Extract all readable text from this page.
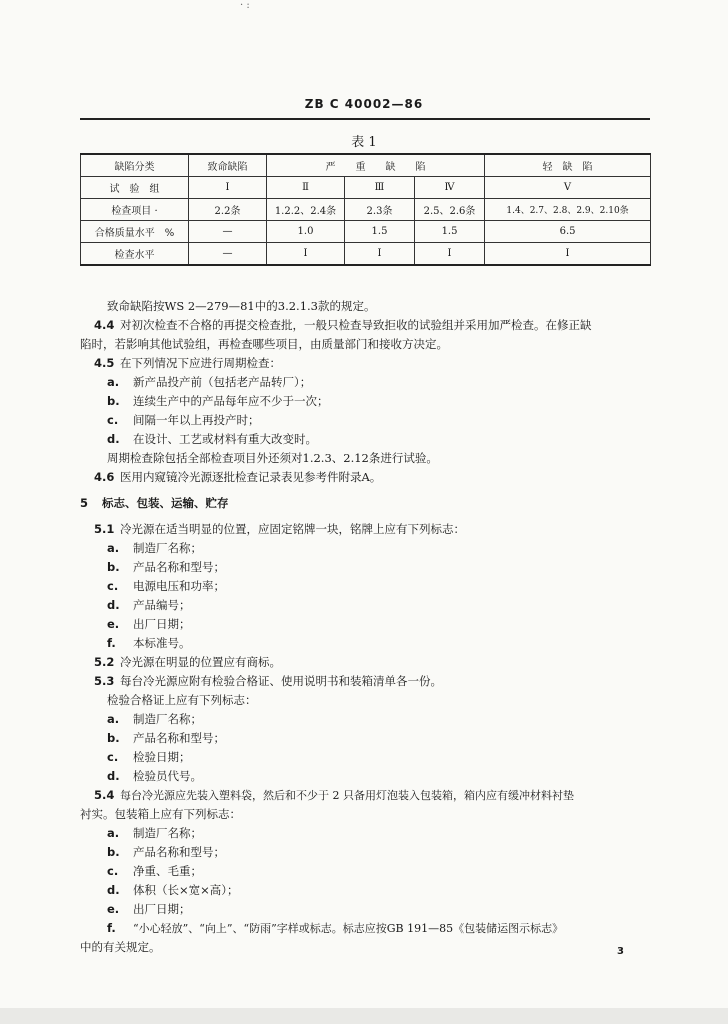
· :
ZB C 40002—86
表 1
缺陷分类	致命缺陷	严　　重　　缺　　陷			轻　缺　陷
试　验　组	Ⅰ	Ⅱ	Ⅲ	Ⅳ	Ⅴ
检查项目 ·	2.2条	1.2.2、2.4条	2.3条	2.5、2.6条	1.4、2.7、2.8、2.9、2.10条
合格质量水平　%	—	1.0	1.5	1.5	6.5
检查水平	—	Ⅰ	Ⅰ	Ⅰ	Ⅰ
致命缺陷按WS 2—279—81中的3.2.1.3款的规定。
4.4 对初次检查不合格的再提交检查批，一般只检查导致拒收的试验组并采用加严检查。在修正缺
陷时，若影响其他试验组，再检查哪些项目，由质量部门和接收方决定。
4.5 在下列情况下应进行周期检查：
a. 新产品投产前（包括老产品转厂）；
b. 连续生产中的产品每年应不少于一次；
c. 间隔一年以上再投产时；
d. 在设计、工艺或材料有重大改变时。
周期检查除包括全部检查项目外还须对1.2.3、2.12条进行试验。
4.6 医用内窥镜冷光源逐批检查记录表见参考件附录A。
5 标志、包装、运输、贮存
5.1 冷光源在适当明显的位置，应固定铭牌一块，铭牌上应有下列标志：
a. 制造厂名称；
b. 产品名称和型号；
c. 电源电压和功率；
d. 产品编号；
e. 出厂日期；
f. 本标准号。
5.2 冷光源在明显的位置应有商标。
5.3 每台冷光源应附有检验合格证、使用说明书和装箱清单各一份。
检验合格证上应有下列标志：
a. 制造厂名称；
b. 产品名称和型号；
c. 检验日期；
d. 检验员代号。
5.4 每台冷光源应先装入塑料袋，然后和不少于 2 只备用灯泡装入包装箱，箱内应有缓冲材料衬垫
衬实。包装箱上应有下列标志：
a. 制造厂名称；
b. 产品名称和型号；
c. 净重、毛重；
d. 体积（长×宽×高）；
e. 出厂日期；
f. “小心轻放”、“向上”、“防雨”字样或标志。标志应按GB 191—85《包装储运图示标志》
中的有关规定。	3
